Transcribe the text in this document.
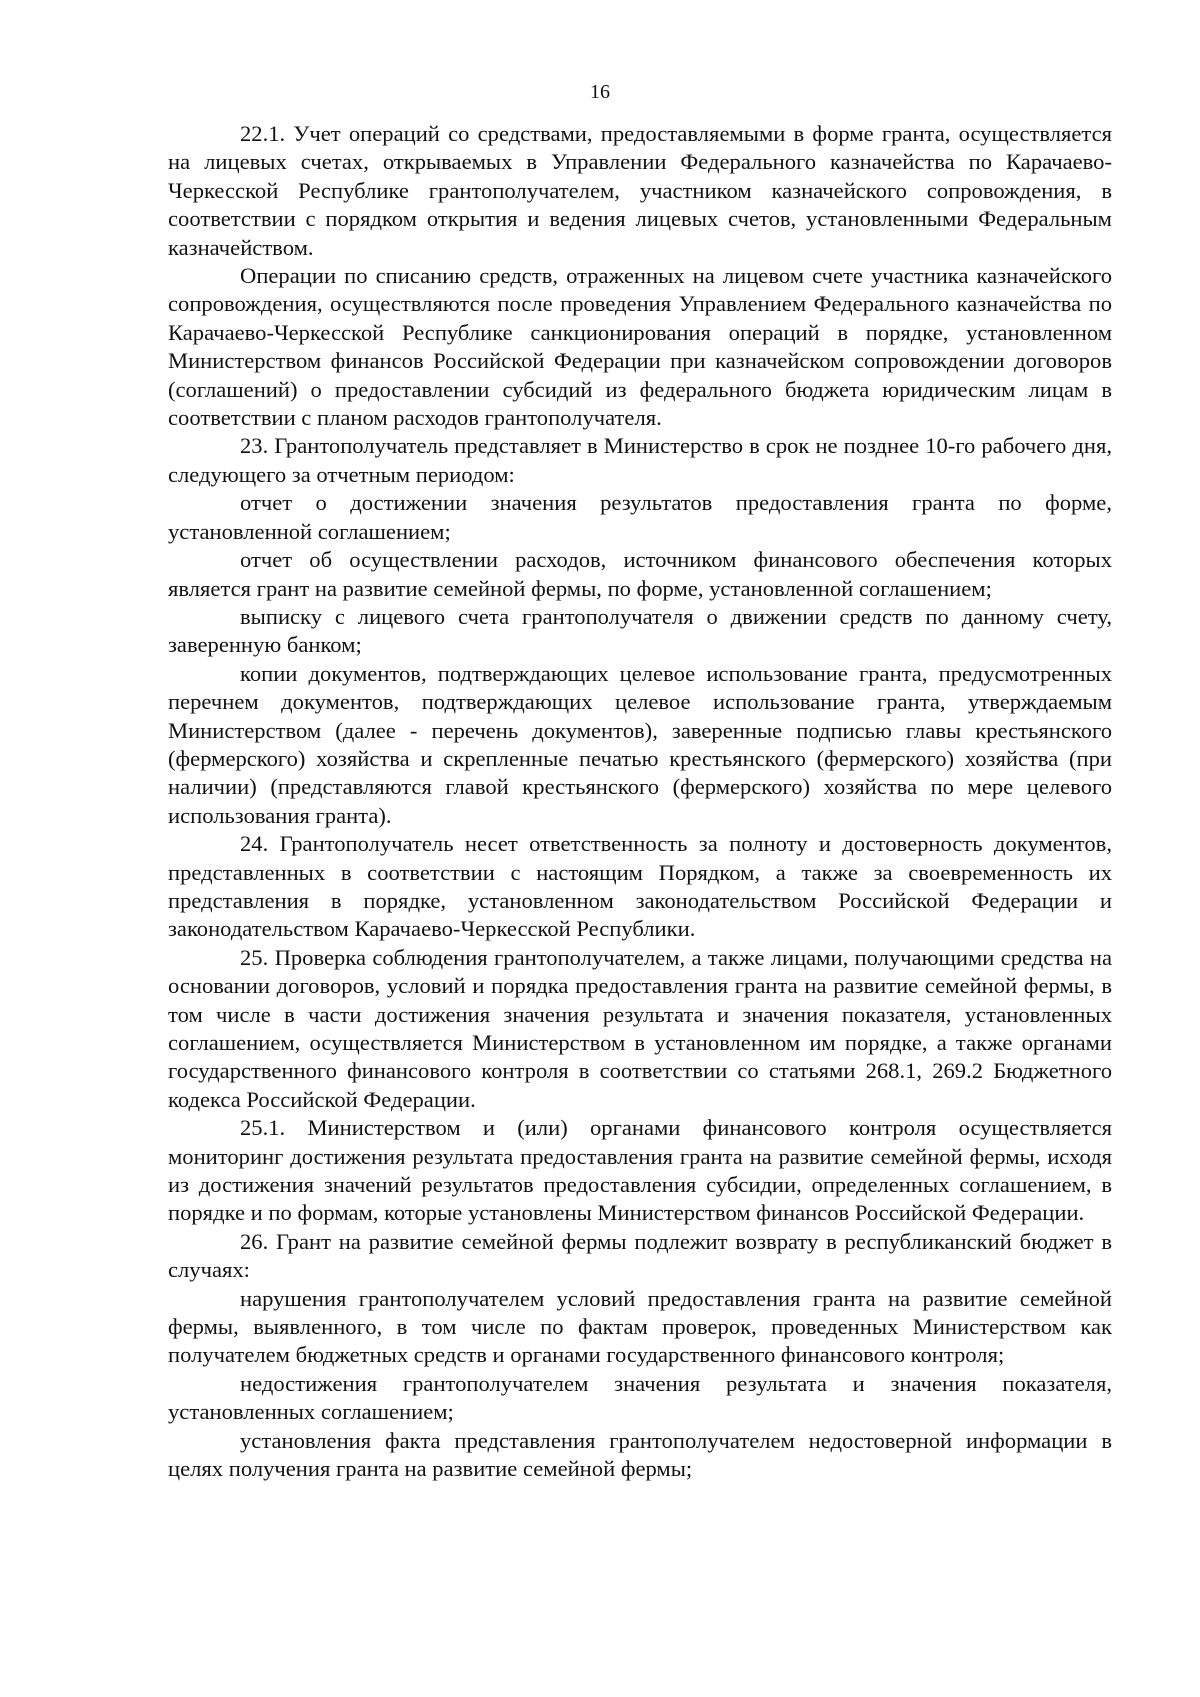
16

22.1. Учет операций со средствами, предоставляемыми в форме гранта, осуществляется на лицевых счетах, открываемых в Управлении Федерального казначейства по Карачаево-Черкесской Республике грантополучателем, участником казначейского сопровождения, в соответствии с порядком открытия и ведения лицевых счетов, установленными Федеральным казначейством.

Операции по списанию средств, отраженных на лицевом счете участника казначейского сопровождения, осуществляются после проведения Управлением Федерального казначейства по Карачаево-Черкесской Республике санкционирования операций в порядке, установленном Министерством финансов Российской Федерации при казначейском сопровождении договоров (соглашений) о предоставлении субсидий из федерального бюджета юридическим лицам в соответствии с планом расходов грантополучателя.

23. Грантополучатель представляет в Министерство в срок не позднее 10-го рабочего дня, следующего за отчетным периодом:

отчет о достижении значения результатов предоставления гранта по форме, установленной соглашением;

отчет об осуществлении расходов, источником финансового обеспечения которых является грант на развитие семейной фермы, по форме, установленной соглашением;

выписку с лицевого счета грантополучателя о движении средств по данному счету, заверенную банком;

копии документов, подтверждающих целевое использование гранта, предусмотренных перечнем документов, подтверждающих целевое использование гранта, утверждаемым Министерством (далее - перечень документов), заверенные подписью главы крестьянского (фермерского) хозяйства и скрепленные печатью крестьянского (фермерского) хозяйства (при наличии) (представляются главой крестьянского (фермерского) хозяйства по мере целевого использования гранта).

24. Грантополучатель несет ответственность за полноту и достоверность документов, представленных в соответствии с настоящим Порядком, а также за своевременность их представления в порядке, установленном законодательством Российской Федерации и законодательством Карачаево-Черкесской Республики.

25. Проверка соблюдения грантополучателем, а также лицами, получающими средства на основании договоров, условий и порядка предоставления гранта на развитие семейной фермы, в том числе в части достижения значения результата и значения показателя, установленных соглашением, осуществляется Министерством в установленном им порядке, а также органами государственного финансового контроля в соответствии со статьями 268.1, 269.2 Бюджетного кодекса Российской Федерации.

25.1. Министерством и (или) органами финансового контроля осуществляется мониторинг достижения результата предоставления гранта на развитие семейной фермы, исходя из достижения значений результатов предоставления субсидии, определенных соглашением, в порядке и по формам, которые установлены Министерством финансов Российской Федерации.

26. Грант на развитие семейной фермы подлежит возврату в республиканский бюджет в случаях:

нарушения грантополучателем условий предоставления гранта на развитие семейной фермы, выявленного, в том числе по фактам проверок, проведенных Министерством как получателем бюджетных средств и органами государственного финансового контроля;

недостижения грантополучателем значения результата и значения показателя, установленных соглашением;

установления факта представления грантополучателем недостоверной информации в целях получения гранта на развитие семейной фермы;
